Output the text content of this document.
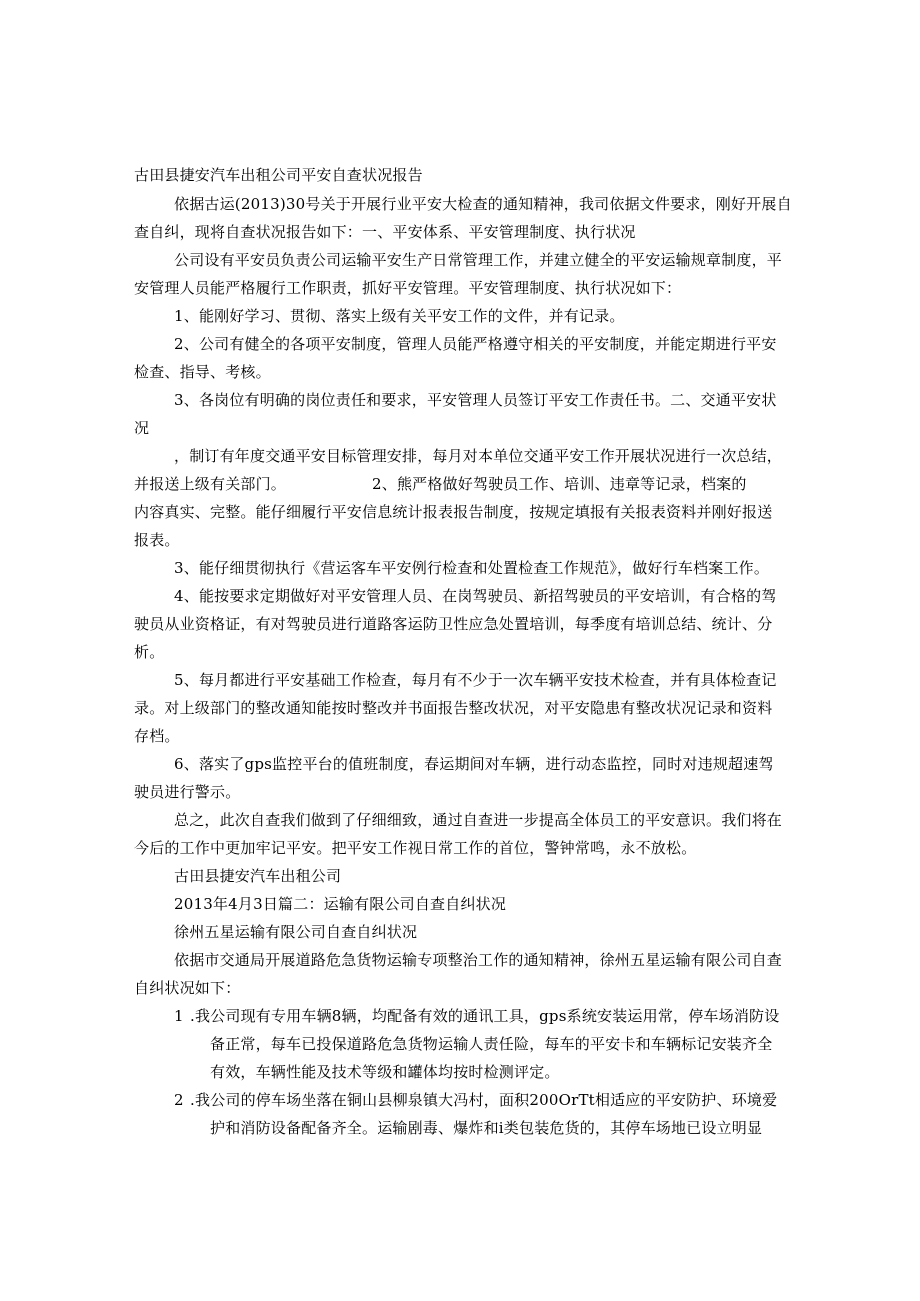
古田县捷安汽车出租公司平安自查状况报告
依据古运(2013)30号关于开展行业平安大检查的通知精神，我司依据文件要求，刚好开展自
查自纠，现将自查状况报告如下：一、平安体系、平安管理制度、执行状况
公司设有平安员负责公司运输平安生产日常管理工作，并建立健全的平安运输规章制度，平
安管理人员能严格履行工作职责，抓好平安管理。平安管理制度、执行状况如下：
1、能刚好学习、贯彻、落实上级有关平安工作的文件，并有记录。
2、公司有健全的各项平安制度，管理人员能严格遵守相关的平安制度，并能定期进行平安
检查、指导、考核。
3、各岗位有明确的岗位责任和要求，平安管理人员签订平安工作责任书。二、交通平安状
况
，制订有年度交通平安目标管理安排，每月对本单位交通平安工作开展状况进行一次总结，
并报送上级有关部门。	2、熊严格做好驾驶员工作、培训、违章等记录，档案的
内容真实、完整。能仔细履行平安信息统计报表报告制度，按规定填报有关报表资料并刚好报送
报表。
3、能仔细贯彻执行《营运客车平安例行检查和处置检查工作规范》，做好行车档案工作。
4、能按要求定期做好对平安管理人员、在岗驾驶员、新招驾驶员的平安培训，有合格的驾
驶员从业资格证，有对驾驶员进行道路客运防卫性应急处置培训，每季度有培训总结、统计、分
析。
5、每月都进行平安基础工作检查，每月有不少于一次车辆平安技术检查，并有具体检查记
录。对上级部门的整改通知能按时整改并书面报告整改状况，对平安隐患有整改状况记录和资料
存档。
6、落实了gps监控平台的值班制度，春运期间对车辆，进行动态监控，同时对违规超速驾
驶员进行警示。
总之，此次自查我们做到了仔细细致，通过自查进一步提高全体员工的平安意识。我们将在
今后的工作中更加牢记平安。把平安工作视日常工作的首位，警钟常鸣，永不放松。
古田县捷安汽车出租公司
2013年4月3日篇二：运输有限公司自查自纠状况
徐州五星运输有限公司自查自纠状况
依据市交通局开展道路危急货物运输专项整治工作的通知精神，徐州五星运输有限公司自查
自纠状况如下：
1 .我公司现有专用车辆8辆，均配备有效的通讯工具，gps系统安装运用常，停车场消防设
备正常，每车已投保道路危急货物运输人责任险，每车的平安卡和车辆标记安装齐全
有效，车辆性能及技术等级和罐体均按时检测评定。
2 .我公司的停车场坐落在铜山县柳泉镇大冯村，面积200OrTt相适应的平安防护、环境爱
护和消防设备配备齐全。运输剧毒、爆炸和i类包装危货的，其停车场地已设立明显
